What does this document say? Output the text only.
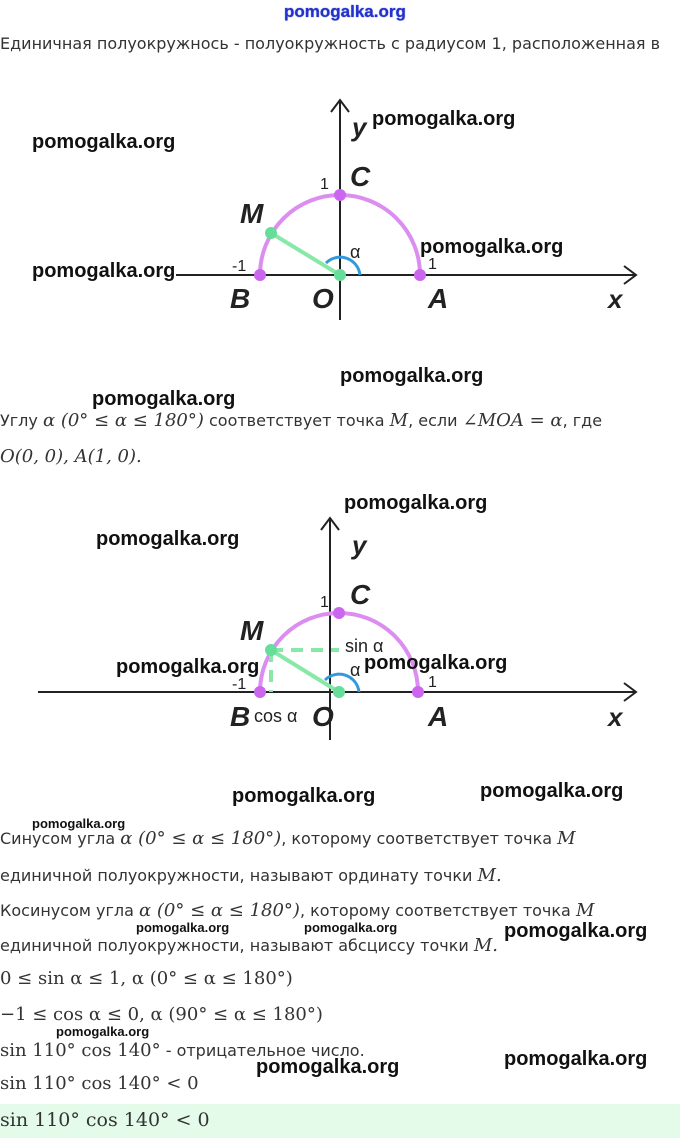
pomogalka.org
Единичная полуокружнось - полуокружность с радиусом 1, расположенная в
y
x
1
-1	1
C
M
B O	A
α
Углу α (0° ≤ α ≤ 180°) соответствует точка M, если ∠MOA = α, где
O(0, 0), A(1, 0).
y
x
1
-1	1
C
M
B O	A
α
sin α
cos α
Синусом угла α (0° ≤ α ≤ 180°), которому соответствует точка M
единичной полуокружности, называют ординату точки M.
Косинусом угла α (0° ≤ α ≤ 180°), которому соответствует точка M
единичной полуокружности, называют абсциссу точки M.
0 ≤ sin α ≤ 1, α (0° ≤ α ≤ 180°)
−1 ≤ cos α ≤ 0, α (90° ≤ α ≤ 180°)
sin 110° cos 140° - отрицательное число.
sin 110° cos 140° < 0
sin 110° cos 140° < 0
pomogalka.org
pomogalka.org
pomogalka.org
pomogalka.org
pomogalka.org
pomogalka.org
pomogalka.org
pomogalka.org
pomogalka.org	pomogalka.org
pomogalka.org	pomogalka.org
pomogalka.org
pomogalka.org	pomogalka.org	pomogalka.org
pomogalka.org
pomogalka.org
pomogalka.org
